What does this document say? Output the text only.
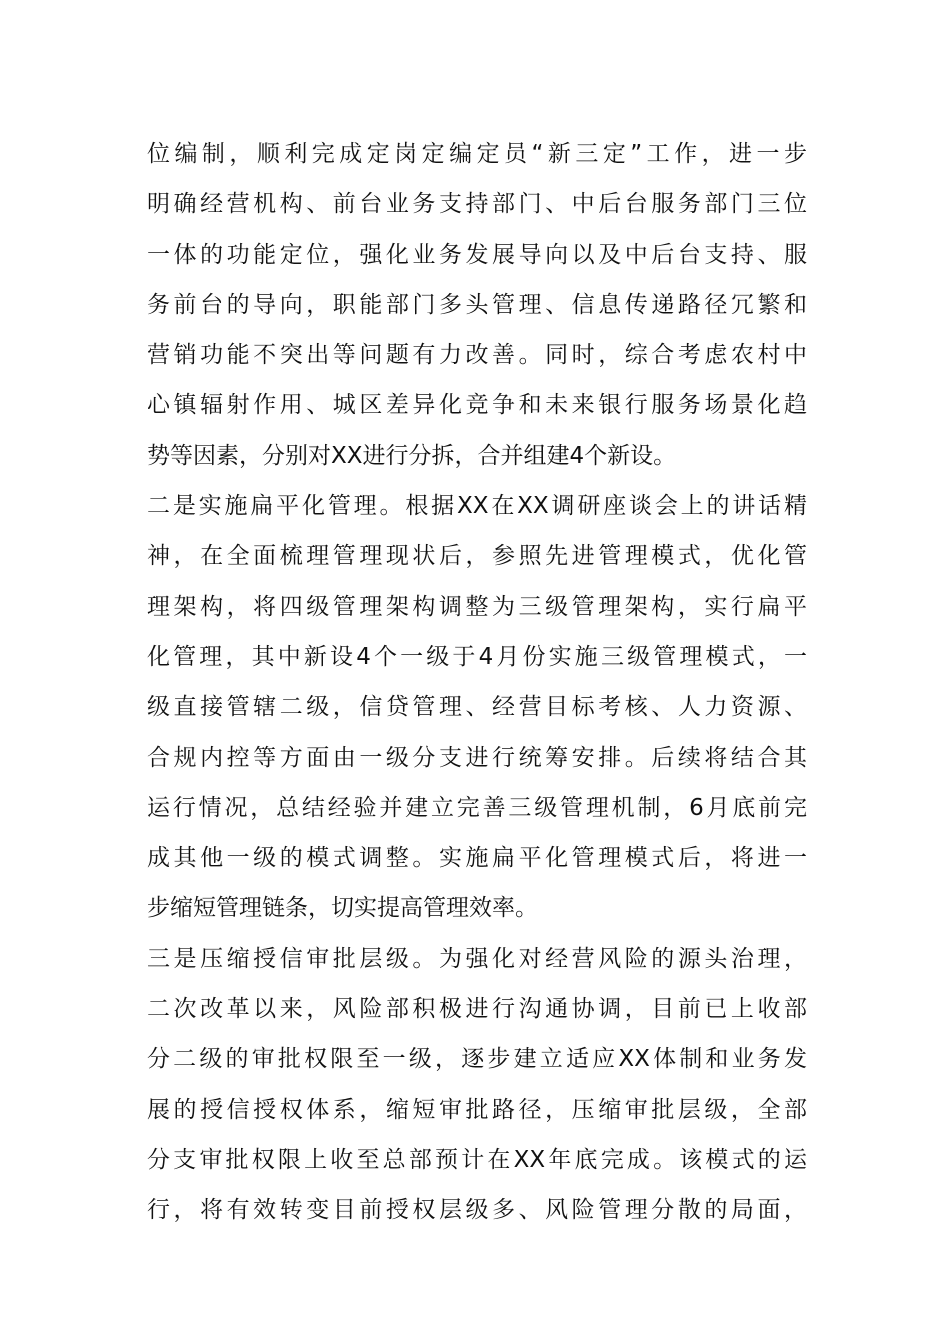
位编制，顺利完成定岗定编定员“新三定”工作，进一步
明确经营机构、前台业务支持部门、中后台服务部门三位
一体的功能定位，强化业务发展导向以及中后台支持、服
务前台的导向，职能部门多头管理、信息传递路径冗繁和
营销功能不突出等问题有力改善。同时，综合考虑农村中
心镇辐射作用、城区差异化竞争和未来银行服务场景化趋
势等因素，分别对XX进行分拆，合并组建4个新设。
二是实施扁平化管理。根据XX在XX调研座谈会上的讲话精
神，在全面梳理管理现状后，参照先进管理模式，优化管
理架构，将四级管理架构调整为三级管理架构，实行扁平
化管理，其中新设4个一级于4月份实施三级管理模式，一
级直接管辖二级，信贷管理、经营目标考核、人力资源、
合规内控等方面由一级分支进行统筹安排。后续将结合其
运行情况，总结经验并建立完善三级管理机制，6月底前完
成其他一级的模式调整。实施扁平化管理模式后，将进一
步缩短管理链条，切实提高管理效率。
三是压缩授信审批层级。为强化对经营风险的源头治理，
二次改革以来，风险部积极进行沟通协调，目前已上收部
分二级的审批权限至一级，逐步建立适应XX体制和业务发
展的授信授权体系，缩短审批路径，压缩审批层级，全部
分支审批权限上收至总部预计在XX年底完成。该模式的运
行，将有效转变目前授权层级多、风险管理分散的局面，
